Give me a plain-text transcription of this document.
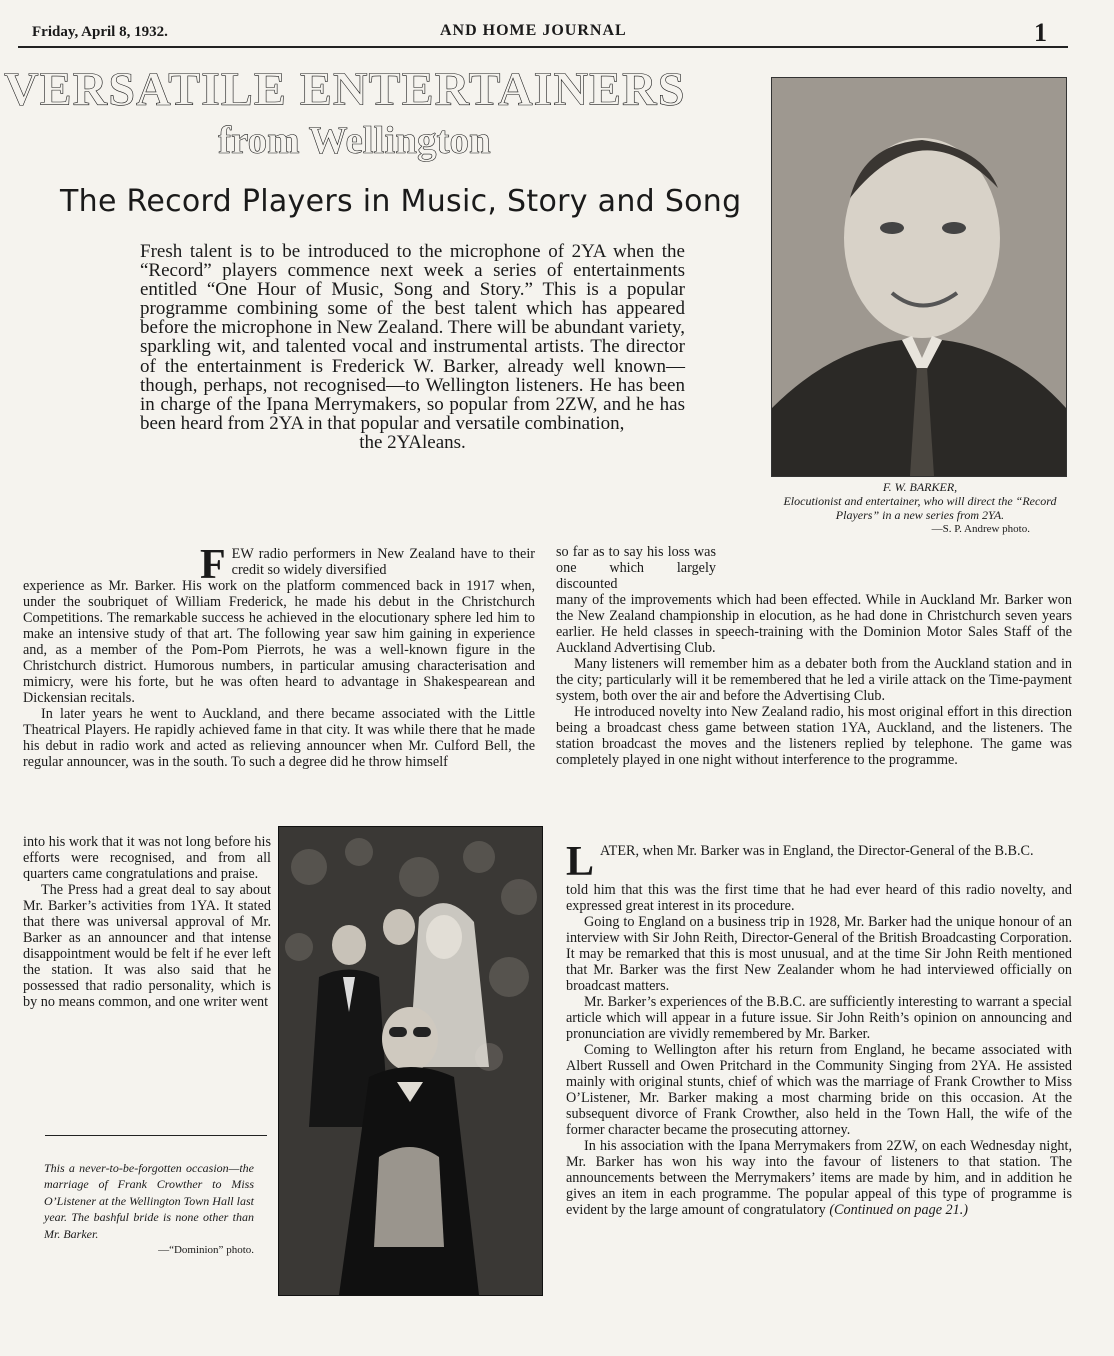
Friday, April 8, 1932.	AND HOME JOURNAL	1
VERSATILE ENTERTAINERS
from Wellington
The Record Players in Music, Story and Song
Fresh talent is to be introduced to the microphone of 2YA when the “Record” players commence next week a series of entertainments entitled “One Hour of Music, Song and Story.” This is a popular programme combining some of the best talent which has appeared before the microphone in New Zealand. There will be abundant variety, sparkling wit, and talented vocal and instrumental artists. The director of the entertainment is Frederick W. Barker, already well known—though, perhaps, not recognised—to Wellington listeners. He has been in charge of the Ipana Merrymakers, so popular from 2ZW, and he has been heard from 2YA in that popular and versatile combination,
the 2YAleans.
F. W. BARKER,
Elocutionist and entertainer, who will direct the “Record Players” in a new series from 2YA.
—S. P. Andrew photo.

FEW radio performers in New Zealand have to their credit so widely diversified

experience as Mr. Barker. His work on the platform commenced back in 1917 when, under the soubriquet of William Frederick, he made his debut in the Christchurch Competitions. The remarkable success he achieved in the elocutionary sphere led him to make an intensive study of that art. The following year saw him gaining in experience and, as a member of the Pom-Pom Pierrots, he was a well-known figure in the Christchurch district. Humorous numbers, in particular amusing characterisation and mimicry, were his forte, but he was often heard to advantage in Shakespearean and Dickensian recitals.

In later years he went to Auckland, and there became associated with the Little Theatrical Players. He rapidly achieved fame in that city. It was while there that he made his debut in radio work and acted as relieving announcer when Mr. Culford Bell, the regular announcer, was in the south. To such a degree did he throw himself

into his work that it was not long before his efforts were recognised, and from all quarters came congratulations and praise.

The Press had a great deal to say about Mr. Barker’s activities from 1YA. It stated that there was universal approval of Mr. Barker as an announcer and that intense disappointment would be felt if he ever left the station. It was also said that he possessed that radio personality, which is by no means common, and one writer went

This a never-to-be-forgotten occasion—the marriage of Frank Crowther to Miss O’Listener at the Wellington Town Hall last year. The bashful bride is none other than Mr. Barker.
—“Dominion” photo.

so far as to say his loss was one which largely discounted

many of the improvements which had been effected. While in Auckland Mr. Barker won the New Zealand championship in elocution, as he had done in Christchurch seven years earlier. He held classes in speech-training with the Dominion Motor Sales Staff of the Auckland Advertising Club.

Many listeners will remember him as a debater both from the Auckland station and in the city; particularly will it be remembered that he led a virile attack on the Time-payment system, both over the air and before the Advertising Club.

He introduced novelty into New Zealand radio, his most original effort in this direction being a broadcast chess game between station 1YA, Auckland, and the listeners. The station broadcast the moves and the listeners replied by telephone. The game was completely played in one night without interference to the programme.

LATER, when Mr. Barker was in England, the Director-General of the B.B.C.

told him that this was the first time that he had ever heard of this radio novelty, and expressed great interest in its procedure.

Going to England on a business trip in 1928, Mr. Barker had the unique honour of an interview with Sir John Reith, Director-General of the British Broadcasting Corporation. It may be remarked that this is most unusual, and at the time Sir John Reith mentioned that Mr. Barker was the first New Zealander whom he had interviewed officially on broadcast matters.

Mr. Barker’s experiences of the B.B.C. are sufficiently interesting to warrant a special article which will appear in a future issue. Sir John Reith’s opinion on announcing and pronunciation are vividly remembered by Mr. Barker.

Coming to Wellington after his return from England, he became associated with Albert Russell and Owen Pritchard in the Community Singing from 2YA. He assisted mainly with original stunts, chief of which was the marriage of Frank Crowther to Miss O’Listener, Mr. Barker making a most charming bride on this occasion. At the subsequent divorce of Frank Crowther, also held in the Town Hall, the wife of the former character became the prosecuting attorney.

In his association with the Ipana Merrymakers from 2ZW, on each Wednesday night, Mr. Barker has won his way into the favour of listeners to that station. The announcements between the Merrymakers’ items are made by him, and in addition he gives an item in each programme. The popular appeal of this type of programme is evident by the large amount of congratulatory (Continued on page 21.)
